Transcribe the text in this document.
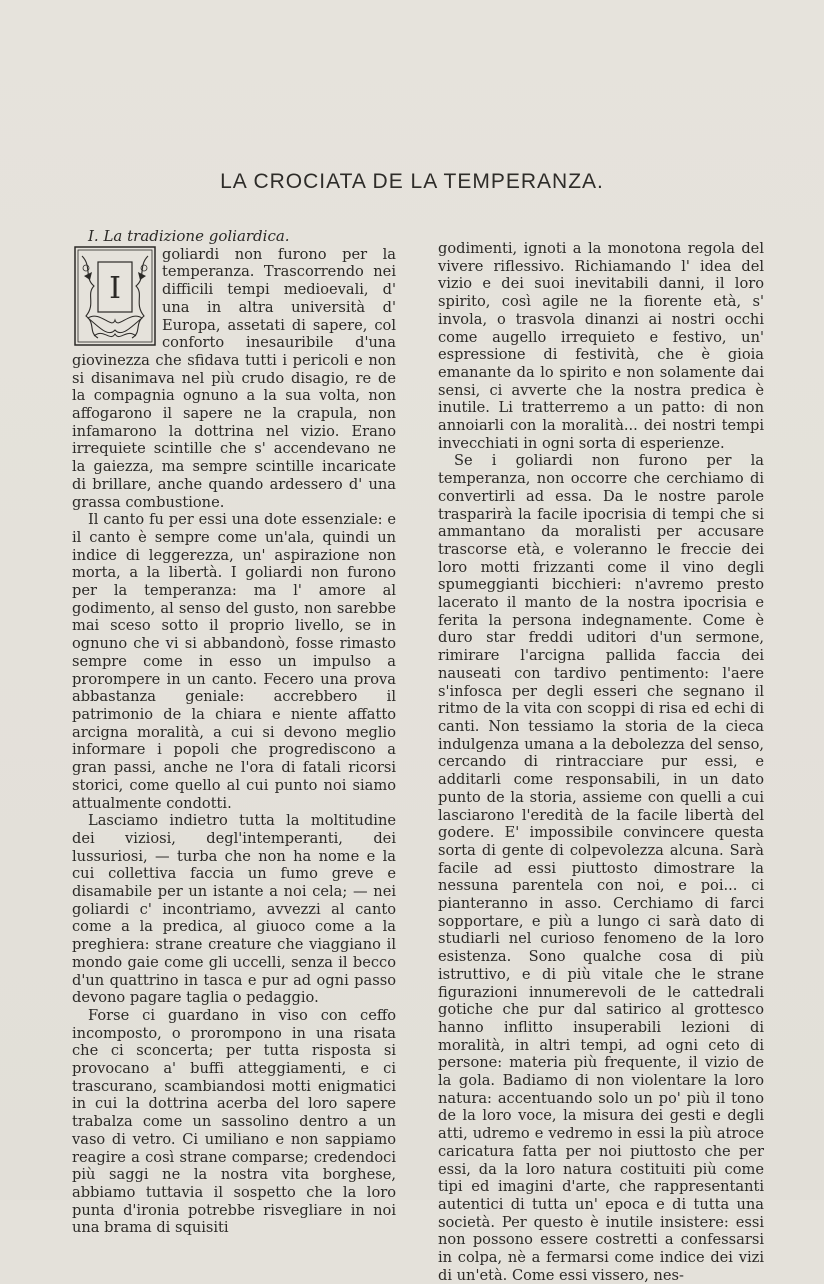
LA CROCIATA DE LA TEMPERANZA.

I. La tradizione goliardica.

I

goliardi non furono per la temperanza. Trascorrendo nei difficili tempi medioevali, d' una in altra università d' Europa, assetati di sapere, col conforto inesauribile d'una giovinezza che sfidava tutti i pericoli e non si disanimava nel più crudo disagio, re de la compagnia ognuno a la sua volta, non affogarono il sapere ne la crapula, non infamarono la dottrina nel vizio. Erano irrequiete scintille che s' accendevano ne la gaiezza, ma sempre scintille incaricate di brillare, anche quando ardessero d' una grassa combustione.

Il canto fu per essi una dote essenziale: e il canto è sempre come un'ala, quindi un indice di leggerezza, un' aspirazione non morta, a la libertà. I goliardi non furono per la temperanza: ma l' amore al godimento, al senso del gusto, non sarebbe mai sceso sotto il proprio livello, se in ognuno che vi si abbandonò, fosse rimasto sempre come in esso un impulso a prorompere in un canto. Fecero una prova abbastanza geniale: accrebbero il patrimonio de la chiara e niente affatto arcigna moralità, a cui si devono meglio informare i popoli che progrediscono a gran passi, anche ne l'ora di fatali ricorsi storici, come quello al cui punto noi siamo attualmente condotti.

Lasciamo indietro tutta la moltitudine dei viziosi, degl'intemperanti, dei lussuriosi, — turba che non ha nome e la cui collettiva faccia un fumo greve e disamabile per un istante a noi cela; — nei goliardi c' incontriamo, avvezzi al canto come a la predica, al giuoco come a la preghiera: strane creature che viaggiano il mondo gaie come gli uccelli, senza il becco d'un quattrino in tasca e pur ad ogni passo devono pagare taglia o pedaggio.

Forse ci guardano in viso con ceffo incomposto, o prorompono in una risata che ci sconcerta; per tutta risposta si provocano a' buffi atteggiamenti, e ci trascurano, scambiandosi motti enigmatici in cui la dottrina acerba del loro sapere trabalza come un sassolino dentro a un vaso di vetro. Ci umiliano e non sappiamo reagire a così strane comparse; credendoci più saggi ne la nostra vita borghese, abbiamo tuttavia il sospetto che la loro punta d'ironia potrebbe risvegliare in noi una brama di squisiti

godimenti, ignoti a la monotona regola del vivere riflessivo. Richiamando l' idea del vizio e dei suoi inevitabili danni, il loro spirito, così agile ne la fiorente età, s' invola, o trasvola dinanzi ai nostri occhi come augello irrequieto e festivo, un' espressione di festività, che è gioia emanante da lo spirito e non solamente dai sensi, ci avverte che la nostra predica è inutile. Li tratterremo a un patto: di non annoiarli con la moralità... dei nostri tempi invecchiati in ogni sorta di esperienze.

Se i goliardi non furono per la temperanza, non occorre che cerchiamo di convertirli ad essa. Da le nostre parole trasparirà la facile ipocrisia di tempi che si ammantano da moralisti per accusare trascorse età, e voleranno le freccie dei loro motti frizzanti come il vino degli spumeggianti bicchieri: n'avremo presto lacerato il manto de la nostra ipocrisia e ferita la persona indegnamente. Come è duro star freddi uditori d'un sermone, rimirare l'arcigna pallida faccia dei nauseati con tardivo pentimento: l'aere s'infosca per degli esseri che segnano il ritmo de la vita con scoppi di risa ed echi di canti. Non tessiamo la storia de la cieca indulgenza umana a la debolezza del senso, cercando di rintracciare pur essi, e additarli come responsabili, in un dato punto de la storia, assieme con quelli a cui lasciarono l'eredità de la facile libertà del godere. E' impossibile convincere questa sorta di gente di colpevolezza alcuna. Sarà facile ad essi piuttosto dimostrare la nessuna parentela con noi, e poi... ci pianteranno in asso. Cerchiamo di farci sopportare, e più a lungo ci sarà dato di studiarli nel curioso fenomeno de la loro esistenza. Sono qualche cosa di più istruttivo, e di più vitale che le strane figurazioni innumerevoli de le cattedrali gotiche che pur dal satirico al grottesco hanno inflitto insuperabili lezioni di moralità, in altri tempi, ad ogni ceto di persone: materia più frequente, il vizio de la gola. Badiamo di non violentare la loro natura: accentuando solo un po' più il tono de la loro voce, la misura dei gesti e degli atti, udremo e vedremo in essi la più atroce caricatura fatta per noi piuttosto che per essi, da la loro natura costituiti più come tipi ed imagini d'arte, che rappresentanti autentici di tutta un' epoca e di tutta una società. Per questo è inutile insistere: essi non possono essere costretti a confessarsi in colpa, nè a fermarsi come indice dei vizi di un'età. Come essi vissero, nes-
